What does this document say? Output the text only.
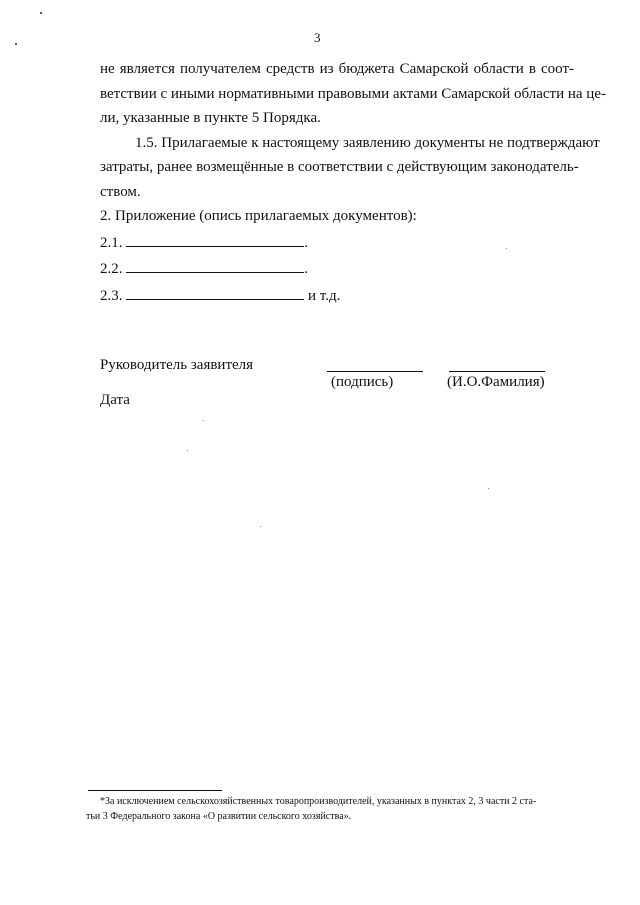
3
не является получателем средств из бюджета Самарской области в соот-
ветствии с иными нормативными правовыми актами Самарской области на це-
ли, указанные в пункте 5 Порядка.
1.5. Прилагаемые к настоящему заявлению документы не подтверждают
затраты, ранее возмещённые в соответствии с действующим законодатель-
ством.
2. Приложение (опись прилагаемых документов):
2.1.	.
2.2.	.
2.3.	и т.д.
Руководитель заявителя
(подпись)	(И.О.Фамилия)
Дата
*За исключением сельскохозяйственных товаропроизводителей, указанных в пунктах 2, 3 части 2 ста-
тьи 3 Федерального закона «О развитии сельского хозяйства».
